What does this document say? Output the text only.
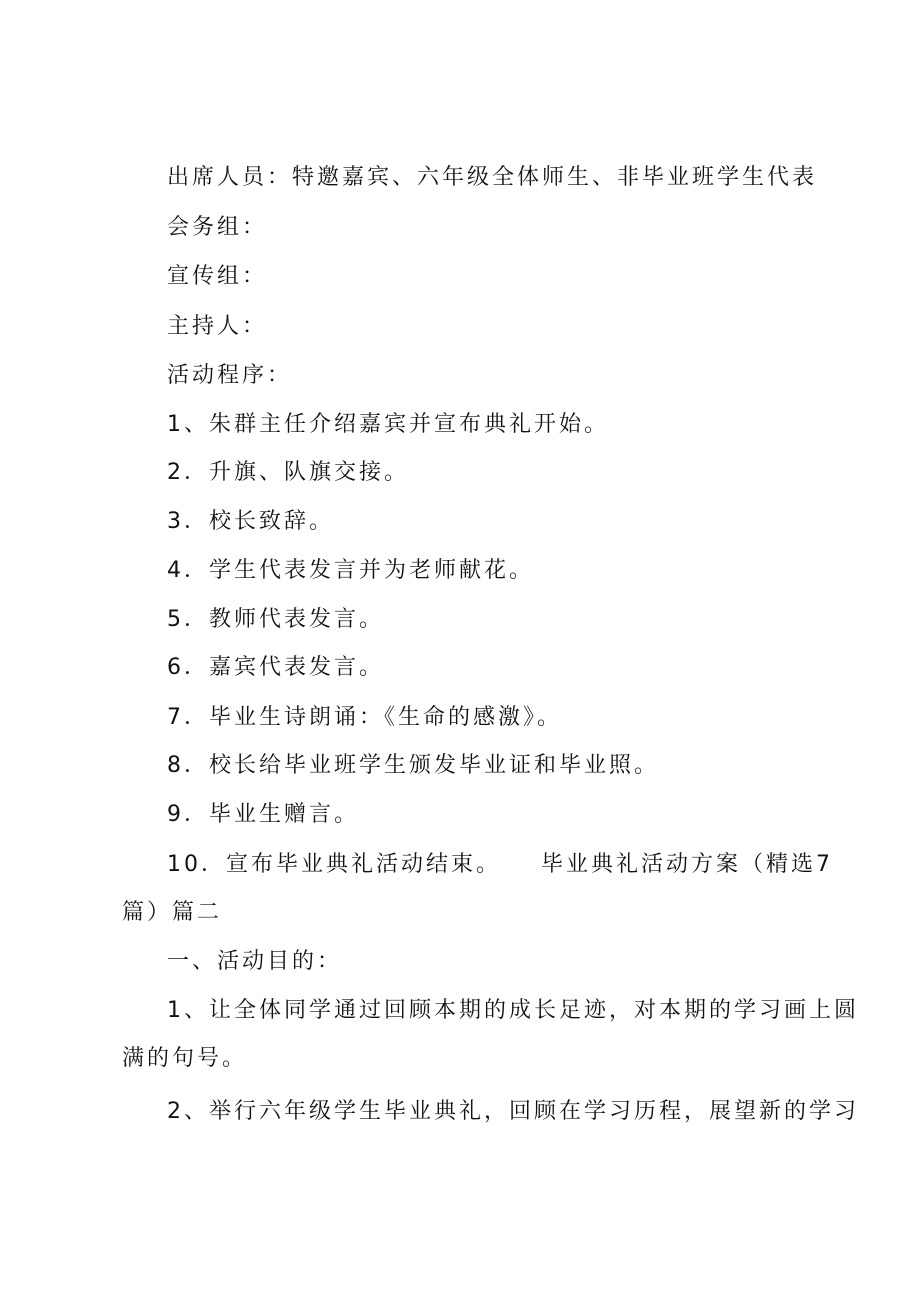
出席人员：特邀嘉宾、六年级全体师生、非毕业班学生代表

会务组：

宣传组：

主持人：

活动程序：

1、朱群主任介绍嘉宾并宣布典礼开始。

2．升旗、队旗交接。

3．校长致辞。

4．学生代表发言并为老师献花。

5．教师代表发言。

6．嘉宾代表发言。

7．毕业生诗朗诵：《生命的感激》。

8．校长给毕业班学生颁发毕业证和毕业照。

9．毕业生赠言。

10．宣布毕业典礼活动结束。    毕业典礼活动方案（精选7

篇）篇二

一、活动目的：

1、让全体同学通过回顾本期的成长足迹，对本期的学习画上圆

满的句号。

2、举行六年级学生毕业典礼，回顾在学习历程，展望新的学习
